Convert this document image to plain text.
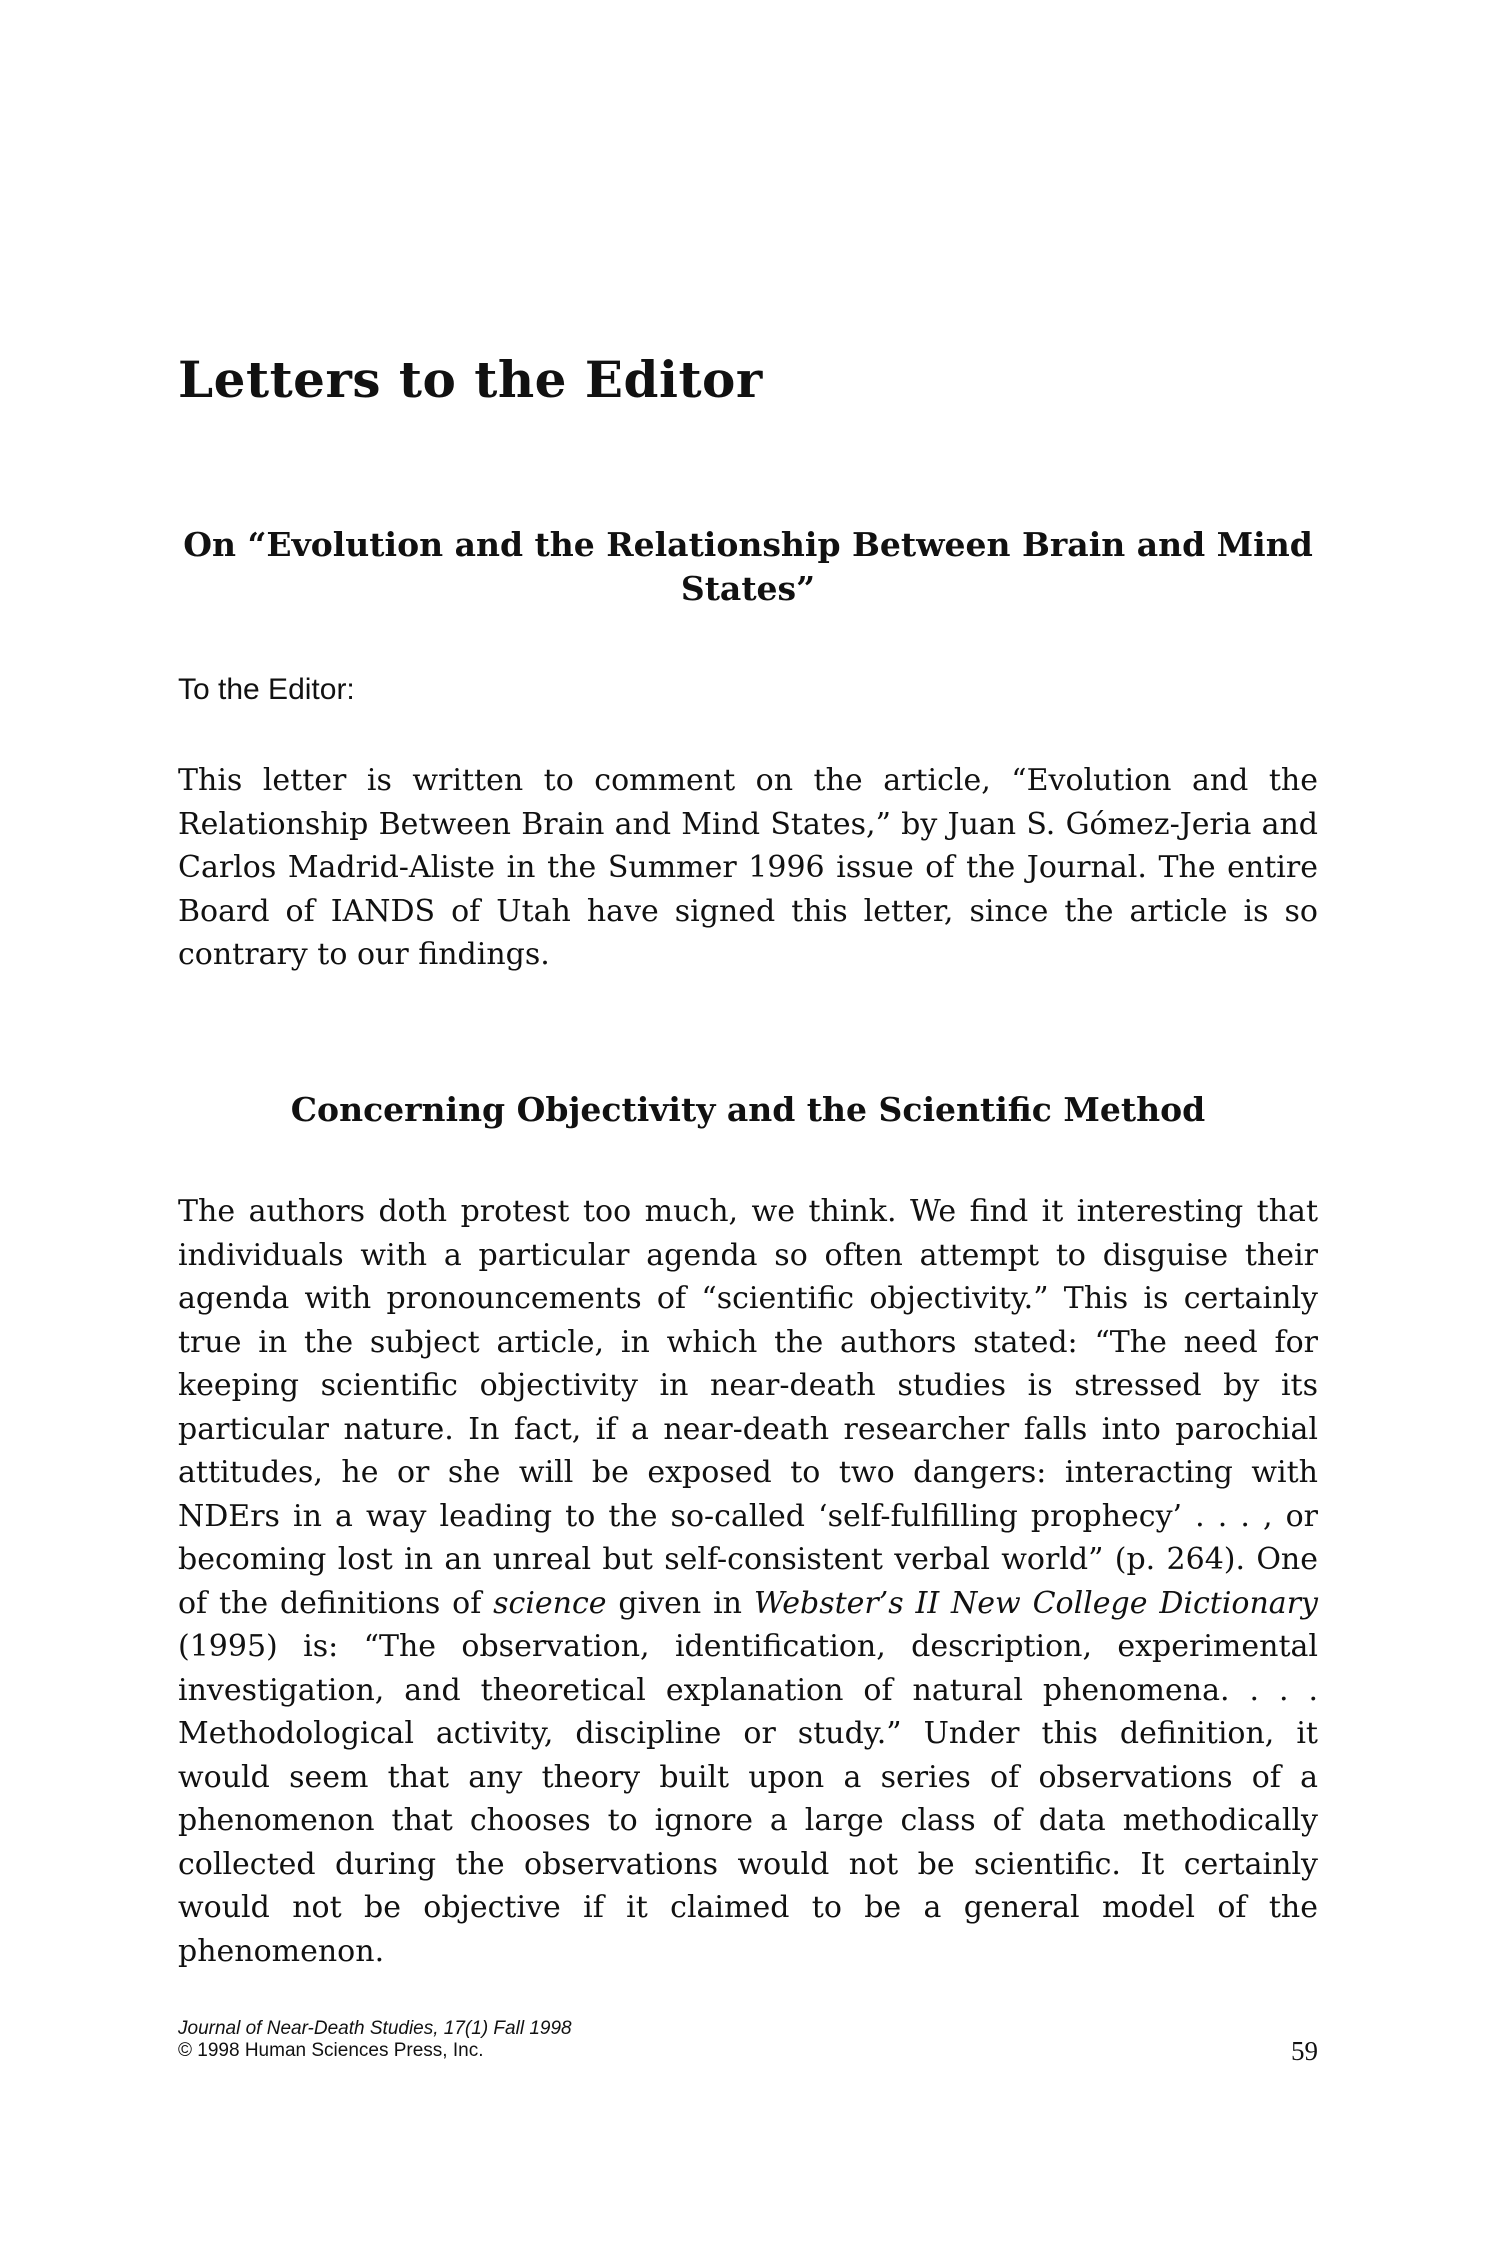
Letters to the Editor
On “Evolution and the Relationship Between Brain and Mind States”
To the Editor:

This letter is written to comment on the article, “Evolution and the Relationship Between Brain and Mind States,” by Juan S. Gómez-Jeria and Carlos Madrid-Aliste in the Summer 1996 issue of the Journal. The entire Board of IANDS of Utah have signed this letter, since the article is so contrary to our findings.

Concerning Objectivity and the Scientific Method

The authors doth protest too much, we think. We find it interesting that individuals with a particular agenda so often attempt to disguise their agenda with pronouncements of “scientific objectivity.” This is certainly true in the subject article, in which the authors stated: “The need for keeping scientific objectivity in near-death studies is stressed by its particular nature. In fact, if a near-death researcher falls into parochial attitudes, he or she will be exposed to two dangers: interacting with NDErs in a way leading to the so-called ‘self-fulfilling prophecy’ . . . , or becoming lost in an unreal but self-consistent verbal world” (p. 264). One of the definitions of science given in Webster’s II New College Dictionary (1995) is: “The observation, identification, description, experimental investigation, and theoretical explanation of natural phenomena. . . . Methodological activity, discipline or study.” Under this definition, it would seem that any theory built upon a series of observations of a phenomenon that chooses to ignore a large class of data methodically collected during the observations would not be scientific. It certainly would not be objective if it claimed to be a general model of the phenomenon.

Journal of Near-Death Studies, 17(1) Fall 1998
© 1998 Human Sciences Press, Inc.	59
